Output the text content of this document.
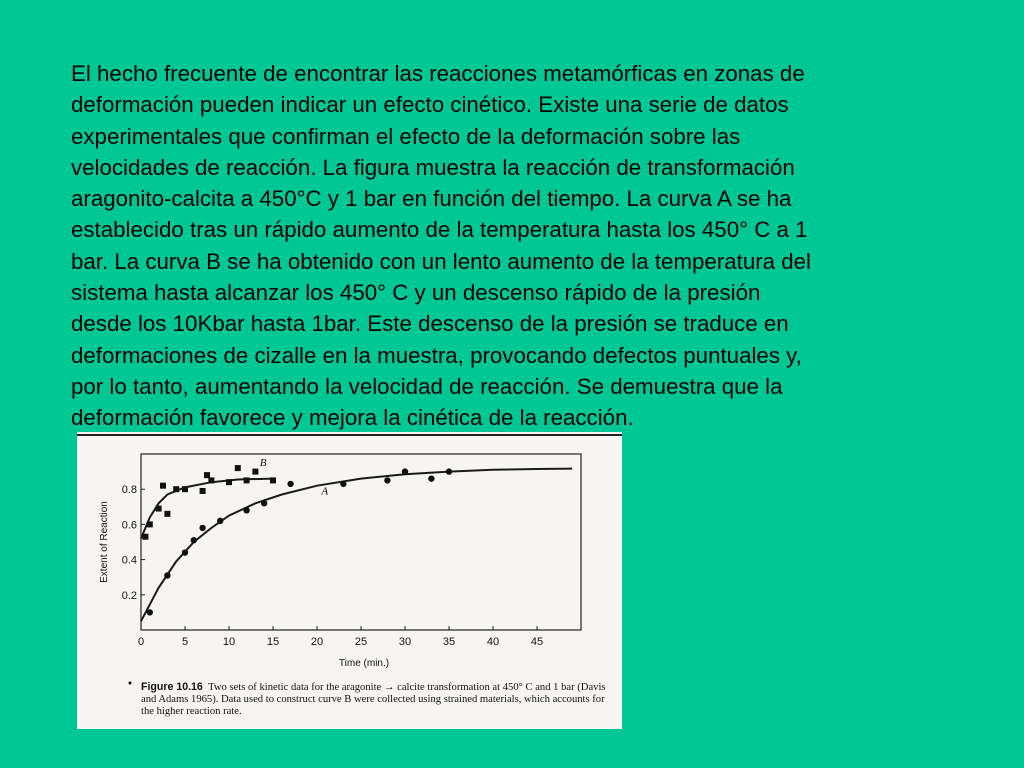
El hecho frecuente de encontrar las reacciones metamórficas en zonas de
deformación pueden indicar un efecto cinético. Existe una serie de datos
experimentales que confirman el efecto de la deformación sobre las
velocidades de reacción. La figura muestra la reacción de transformación
aragonito-calcita a 450°C y 1 bar en función del tiempo. La curva A se ha
establecido tras un rápido aumento de la temperatura hasta los 450° C a 1
bar. La curva B se ha obtenido con un lento aumento de la temperatura del
sistema hasta alcanzar los 450° C y un descenso rápido de la presión
desde los 10Kbar hasta 1bar. Este descenso de la presión se traduce en
deformaciones de cizalle en la muestra, provocando defectos puntuales y,
por lo tanto, aumentando la velocidad de reacción. Se demuestra que la
deformación favorece y mejora la cinética de la reacción.

Time (min.)
Extent of Reaction
0	5	10	15	20	25	30	35	40	45
0.2
0.4
0.6
0.8
B
A

Figure 10.16 Two sets of kinetic data for the aragonite → calcite transformation at 450° C and 1 bar (Davis and Adams 1965). Data used to construct curve B were collected using strained materials, which accounts for the higher reaction rate.
